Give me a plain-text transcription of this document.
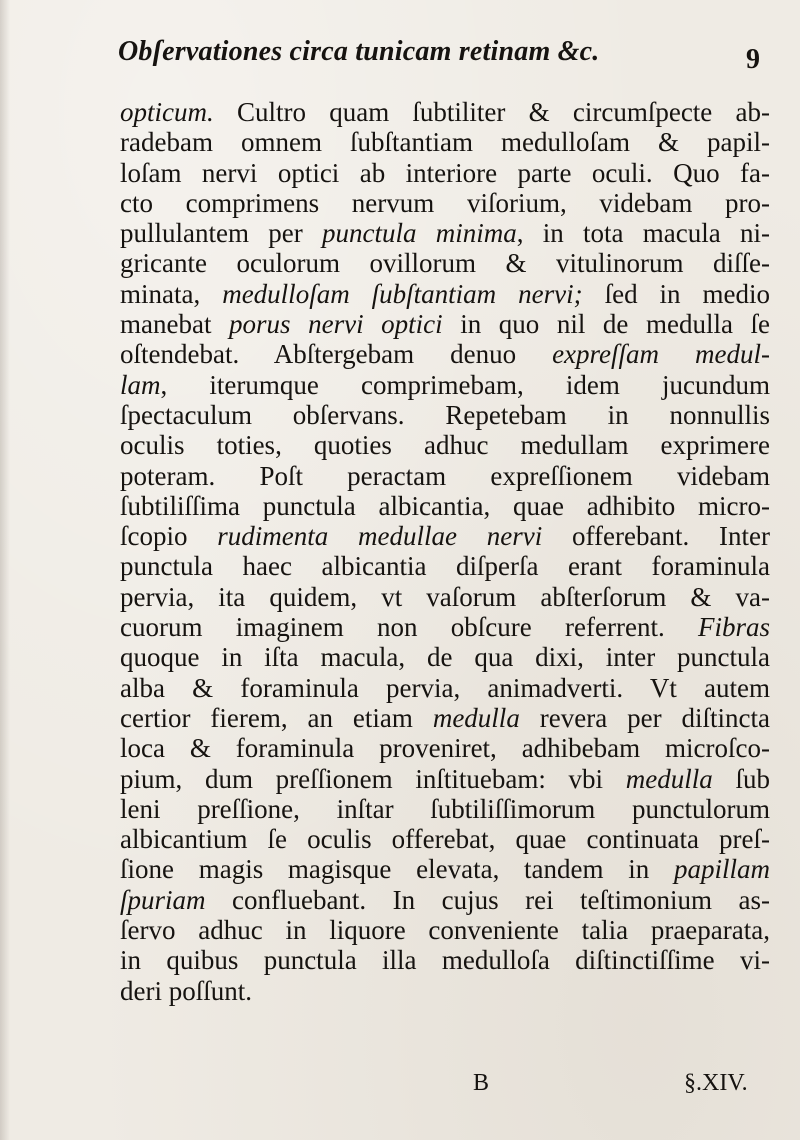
Obſervationes circa tunicam retinam &c.	9
opticum. Cultro quam ſubtiliter & circumſpecte ab-
radebam omnem ſubſtantiam medulloſam & papil-
loſam nervi optici ab interiore parte oculi. Quo fa-
cto comprimens nervum viſorium, videbam pro-
pullulantem per punctula minima, in tota macula ni-
gricante oculorum ovillorum & vitulinorum diſſe-
minata, medulloſam ſubſtantiam nervi; ſed in medio
manebat porus nervi optici in quo nil de medulla ſe
oſtendebat. Abſtergebam denuo expreſſam medul-
lam, iterumque comprimebam, idem jucundum
ſpectaculum obſervans. Repetebam in nonnullis
oculis toties, quoties adhuc medullam exprimere
poteram. Poſt peractam expreſſionem videbam
ſubtiliſſima punctula albicantia, quae adhibito micro-
ſcopio rudimenta medullae nervi offerebant. Inter
punctula haec albicantia diſperſa erant foraminula
pervia, ita quidem, vt vaſorum abſterſorum & va-
cuorum imaginem non obſcure referrent. Fibras
quoque in iſta macula, de qua dixi, inter punctula
alba & foraminula pervia, animadverti. Vt autem
certior fierem, an etiam medulla revera per diſtincta
loca & foraminula proveniret, adhibebam microſco-
pium, dum preſſionem inſtituebam: vbi medulla ſub
leni preſſione, inſtar ſubtiliſſimorum punctulorum
albicantium ſe oculis offerebat, quae continuata preſ-
ſione magis magisque elevata, tandem in papillam
ſpuriam confluebant. In cujus rei teſtimonium as-
ſervo adhuc in liquore conveniente talia praeparata,
in quibus punctula illa medulloſa diſtinctiſſime vi-
deri poſſunt.
B	§.XIV.
